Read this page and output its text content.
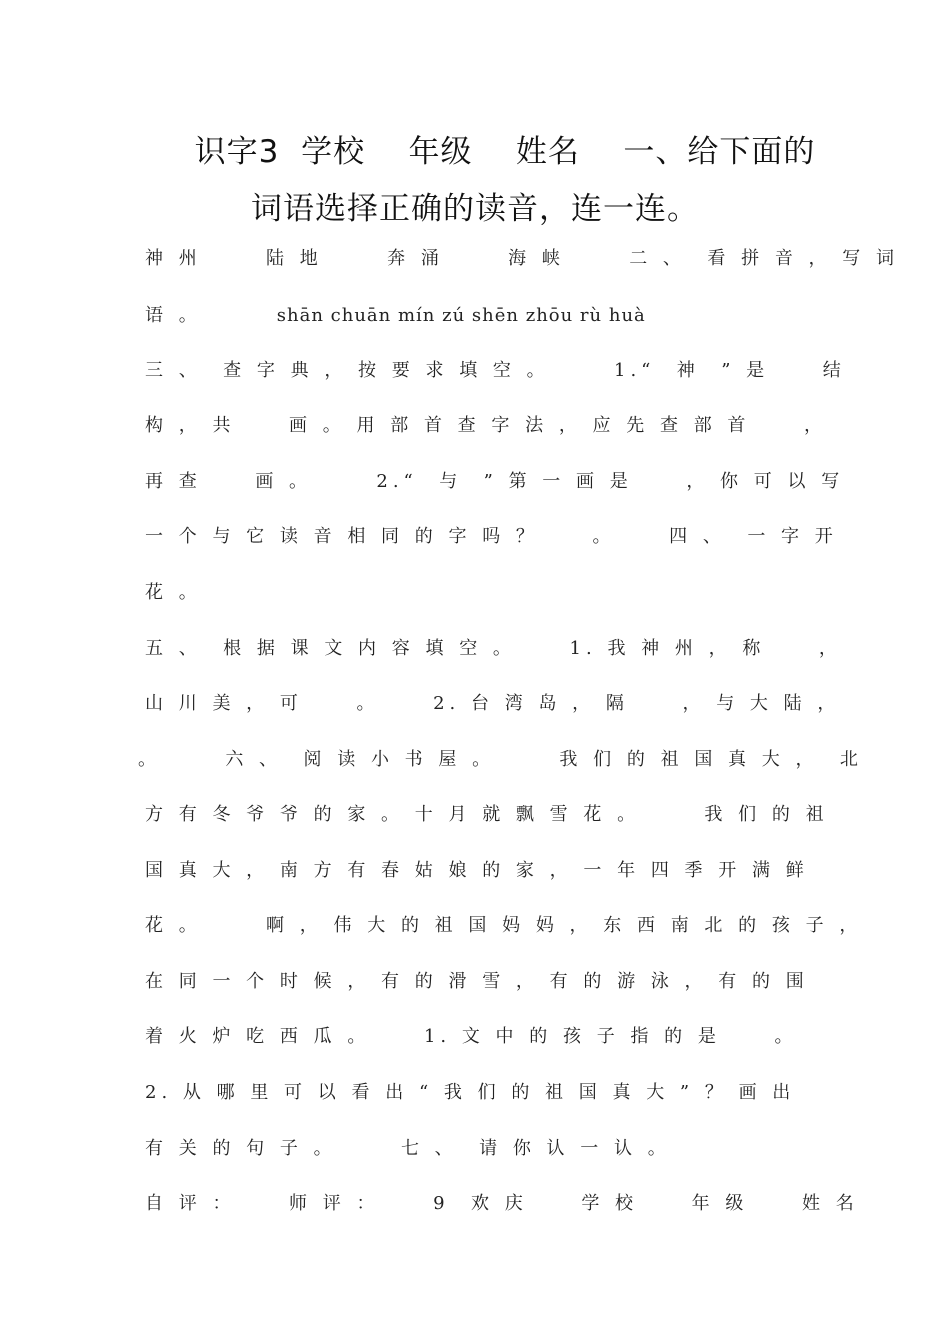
识字3  学校    年级    姓名    一、给下面的
词语选择正确的读音，连一连。
神 州      陆 地      奔 涌      海 峡      二 、  看 拼 音 ， 写 词
语 。       shān chuān mín zú shēn zhōu rù huà
三 、  查 字 典 ， 按 要 求 填 空 。      1.“  神  ” 是     结
构 ， 共     画 。 用 部 首 查 字 法 ， 应 先 查 部 首     ，
再 查     画 。      2.“  与  ” 第 一 画 是     ， 你 可 以 写
一 个 与 它 读 音 相 同 的 字 吗 ？     。     四 、  一 字 开
花 。
五 、  根 据 课 文 内 容 填 空 。     1. 我 神 州 ， 称     ，
山 川 美 ， 可     。     2. 台 湾 岛 ， 隔     ， 与 大 陆 ，
。      六 、  阅 读 小 书 屋 。      我 们 的 祖 国 真 大 ，  北
方 有 冬 爷 爷 的 家 。 十 月 就 飘 雪 花 。      我 们 的 祖
国 真 大 ， 南 方 有 春 姑 娘 的 家 ， 一 年 四 季 开 满 鲜
花 。      啊 ， 伟 大 的 祖 国 妈 妈 ， 东 西 南 北 的 孩 子 ，
在 同 一 个 时 候 ， 有 的 滑 雪 ， 有 的 游 泳 ， 有 的 围
着 火 炉 吃 西 瓜 。     1. 文 中 的 孩 子 指 的 是     。
2. 从 哪 里 可 以 看 出 “ 我 们 的 祖 国 真 大 ” ？ 画 出
有 关 的 句 子 。      七 、  请 你 认 一 认 。
自 评 ：     师 评 ：     9  欢 庆     学 校     年 级     姓 名
